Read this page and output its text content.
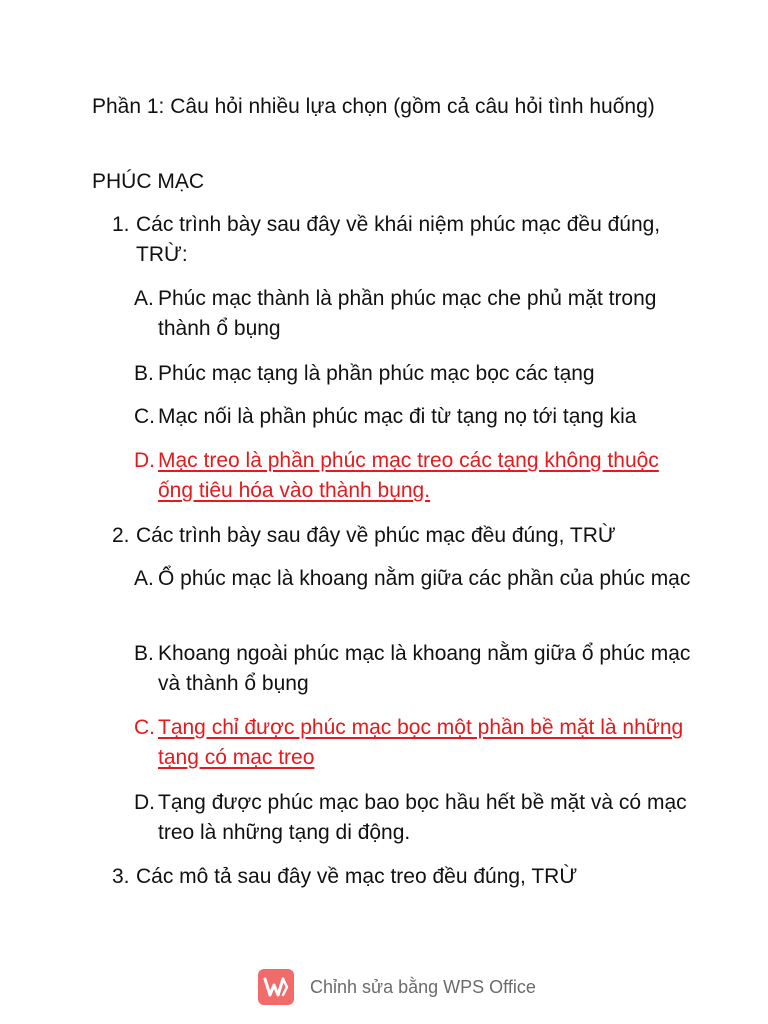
Phần 1: Câu hỏi nhiều lựa chọn (gồm cả câu hỏi tình huống)
PHÚC MẠC
1. Các trình bày sau đây về khái niệm phúc mạc đều đúng, TRỪ:
A. Phúc mạc thành là phần phúc mạc che phủ mặt trong thành ổ bụng
B. Phúc mạc tạng là phần phúc mạc bọc các tạng
C. Mạc nối là phần phúc mạc đi từ tạng nọ tới tạng kia
D. Mạc treo là phần phúc mạc treo các tạng không thuộc ống tiêu hóa vào thành bụng.
2. Các trình bày sau đây về phúc mạc đều đúng, TRỪ
A. Ổ phúc mạc là khoang nằm giữa các phần của phúc mạc
B. Khoang ngoài phúc mạc là khoang nằm giữa ổ phúc mạc và thành ổ bụng
C. Tạng chỉ được phúc mạc bọc một phần bề mặt là những tạng có mạc treo
D. Tạng được phúc mạc bao bọc hầu hết bề mặt và có mạc treo là những tạng di động.
3. Các mô tả sau đây về mạc treo đều đúng, TRỪ
Chỉnh sửa bằng WPS Office
